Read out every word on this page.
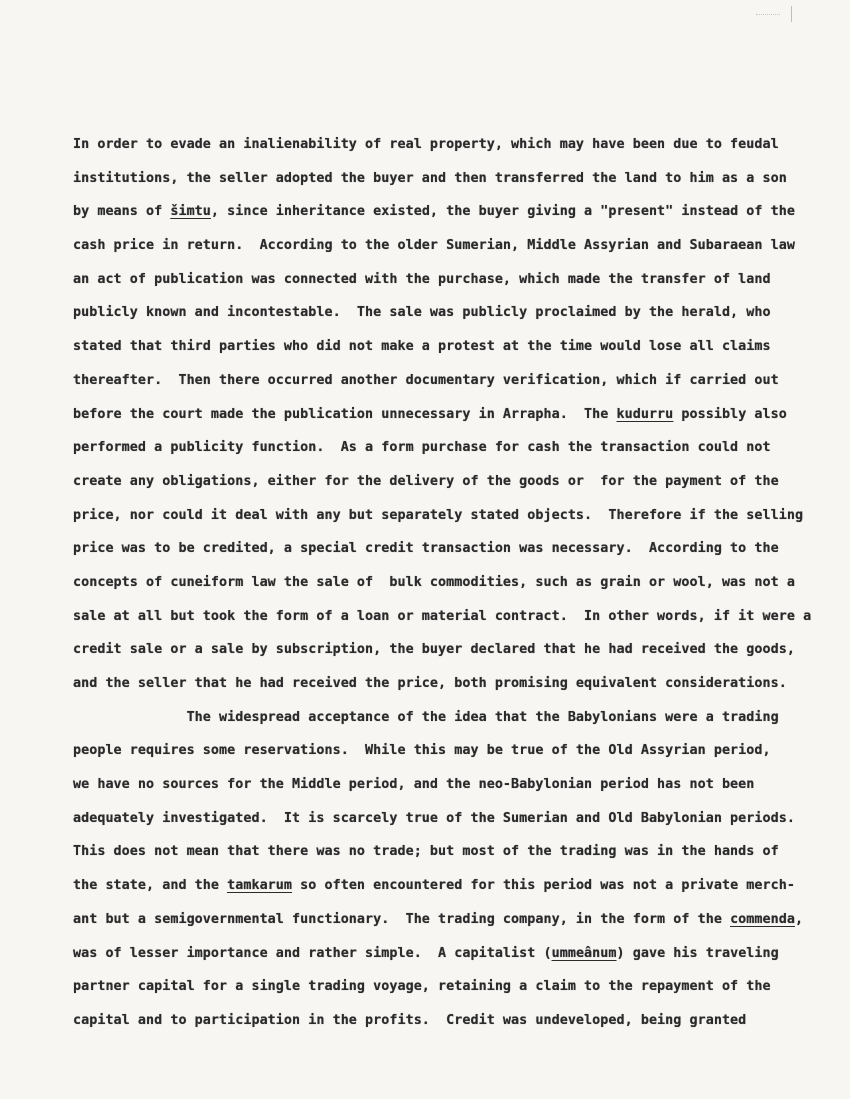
In order to evade an inalienability of real property, which may have been due to feudal
institutions, the seller adopted the buyer and then transferred the land to him as a son
by means of šimtu, since inheritance existed, the buyer giving a "present" instead of the
cash price in return.  According to the older Sumerian, Middle Assyrian and Subaraean law
an act of publication was connected with the purchase, which made the transfer of land
publicly known and incontestable.  The sale was publicly proclaimed by the herald, who
stated that third parties who did not make a protest at the time would lose all claims
thereafter.  Then there occurred another documentary verification, which if carried out
before the court made the publication unnecessary in Arrapha.  The kudurru possibly also
performed a publicity function.  As a form purchase for cash the transaction could not
create any obligations, either for the delivery of the goods or  for the payment of the
price, nor could it deal with any but separately stated objects.  Therefore if the selling
price was to be credited, a special credit transaction was necessary.  According to the
concepts of cuneiform law the sale of  bulk commodities, such as grain or wool, was not a
sale at all but took the form of a loan or material contract.  In other words, if it were a
credit sale or a sale by subscription, the buyer declared that he had received the goods,
and the seller that he had received the price, both promising equivalent considerations.
The widespread acceptance of the idea that the Babylonians were a trading
people requires some reservations.  While this may be true of the Old Assyrian period,
we have no sources for the Middle period, and the neo-Babylonian period has not been
adequately investigated.  It is scarcely true of the Sumerian and Old Babylonian periods.
This does not mean that there was no trade; but most of the trading was in the hands of
the state, and the tamkarum so often encountered for this period was not a private merch-
ant but a semigovernmental functionary.  The trading company, in the form of the commenda,
was of lesser importance and rather simple.  A capitalist (ummeânum) gave his traveling
partner capital for a single trading voyage, retaining a claim to the repayment of the
capital and to participation in the profits.  Credit was undeveloped, being granted
